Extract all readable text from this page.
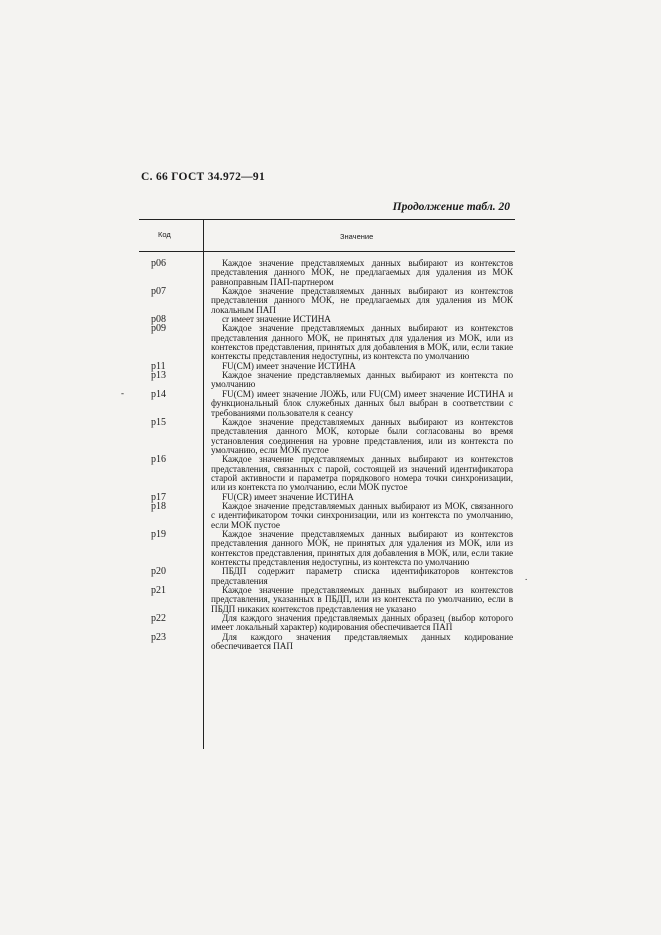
С. 66 ГОСТ 34.972—91
Продолжение табл. 20
Код	Значение
-
.
p06	Каждое значение представляемых данных выбирают из контекстов представления данного МОК, не предлагаемых для удаления из МОК равноправным ПАП-партнером
p07	Каждое значение представляемых данных выбирают из контекстов представления данного МОК, не предлагаемых для удаления из МОК локальным ПАП
p08	cr имеет значение ИСТИНА
p09	Каждое значение представляемых данных выбирают из контекстов представления данного МОК, не принятых для удаления из МОК, или из контекстов представления, принятых для добавления в МОК, или, если такие контексты представления недоступны, из контекста по умолчанию
p11	FU(CM) имеет значение ИСТИНА
p13	Каждое значение представляемых данных выбирают из контекста по умолчанию
p14	FU(CM) имеет значение ЛОЖЬ, или FU(CM) имеет значение ИСТИНА и функциональный блок служебных данных был выбран в соответствии с требованиями пользователя к сеансу
p15	Каждое значение представляемых данных выбирают из контекстов представления данного МОК, которые были согласованы во время установления соединения на уровне представления, или из контекста по умолчанию, если МОК пустое
p16	Каждое значение представляемых данных выбирают из контекстов представления, связанных с парой, состоящей из значений идентификатора старой активности и параметра порядкового номера точки синхронизации, или из контекста по умолчанию, если МОК пустое
p17	FU(CR) имеет значение ИСТИНА
p18	Каждое значение представляемых данных выбирают из МОК, связанного с идентификатором точки синхронизации, или из контекста по умолчанию, если МОК пустое
p19	Каждое значение представляемых данных выбирают из контекстов представления данного МОК, не принятых для удаления из МОК, или из контекстов представления, принятых для добавления в МОК, или, если такие контексты представления недоступны, из контекста по умолчанию
p20	ПБДП содержит параметр списка идентификаторов контекстов представления
p21	Каждое значение представляемых данных выбирают из контекстов представления, указанных в ПБДП, или из контекста по умолчанию, если в ПБДП никаких контекстов представления не указано
p22	Для каждого значения представляемых данных образец (выбор которого имеет локальный характер) кодирования обеспечивается ПАП
p23	Для каждого значения представляемых данных кодирование обеспечивается ПАП
